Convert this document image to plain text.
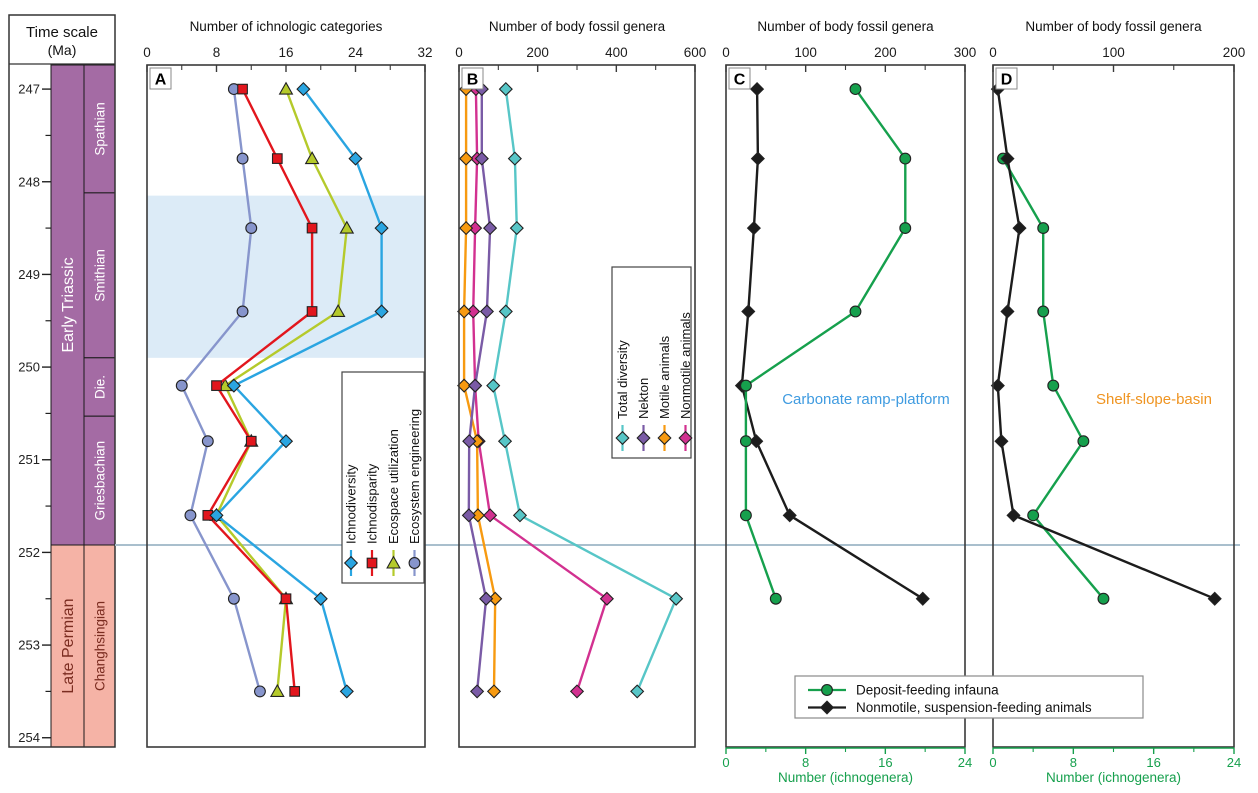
Early Triassic
Late Permian
Spathian
Smithian
Die.
Griesbachian
Changhsingian
247
248
249
250
251
252
253
254
Time scale
(Ma)	0	8	16	24	32
Number of ichnologic categories
A
0	200	400	600
Number of body fossil genera
B
0	100	200	300
Number of body fossil genera
0	8	16	24
Number (ichnogenera)
C
Carbonate ramp-platform
0	100	200
Number of body fossil genera
0	8	16	24
Number (ichnogenera)
D
Shelf-slope-basin
Ichnodiversity Ichnodisparity Ecospace utilization Ecosystem engineering
Total diversity Nekton Motile animals Nonmotile animals
Deposit-feeding infauna
Nonmotile, suspension-feeding animals
